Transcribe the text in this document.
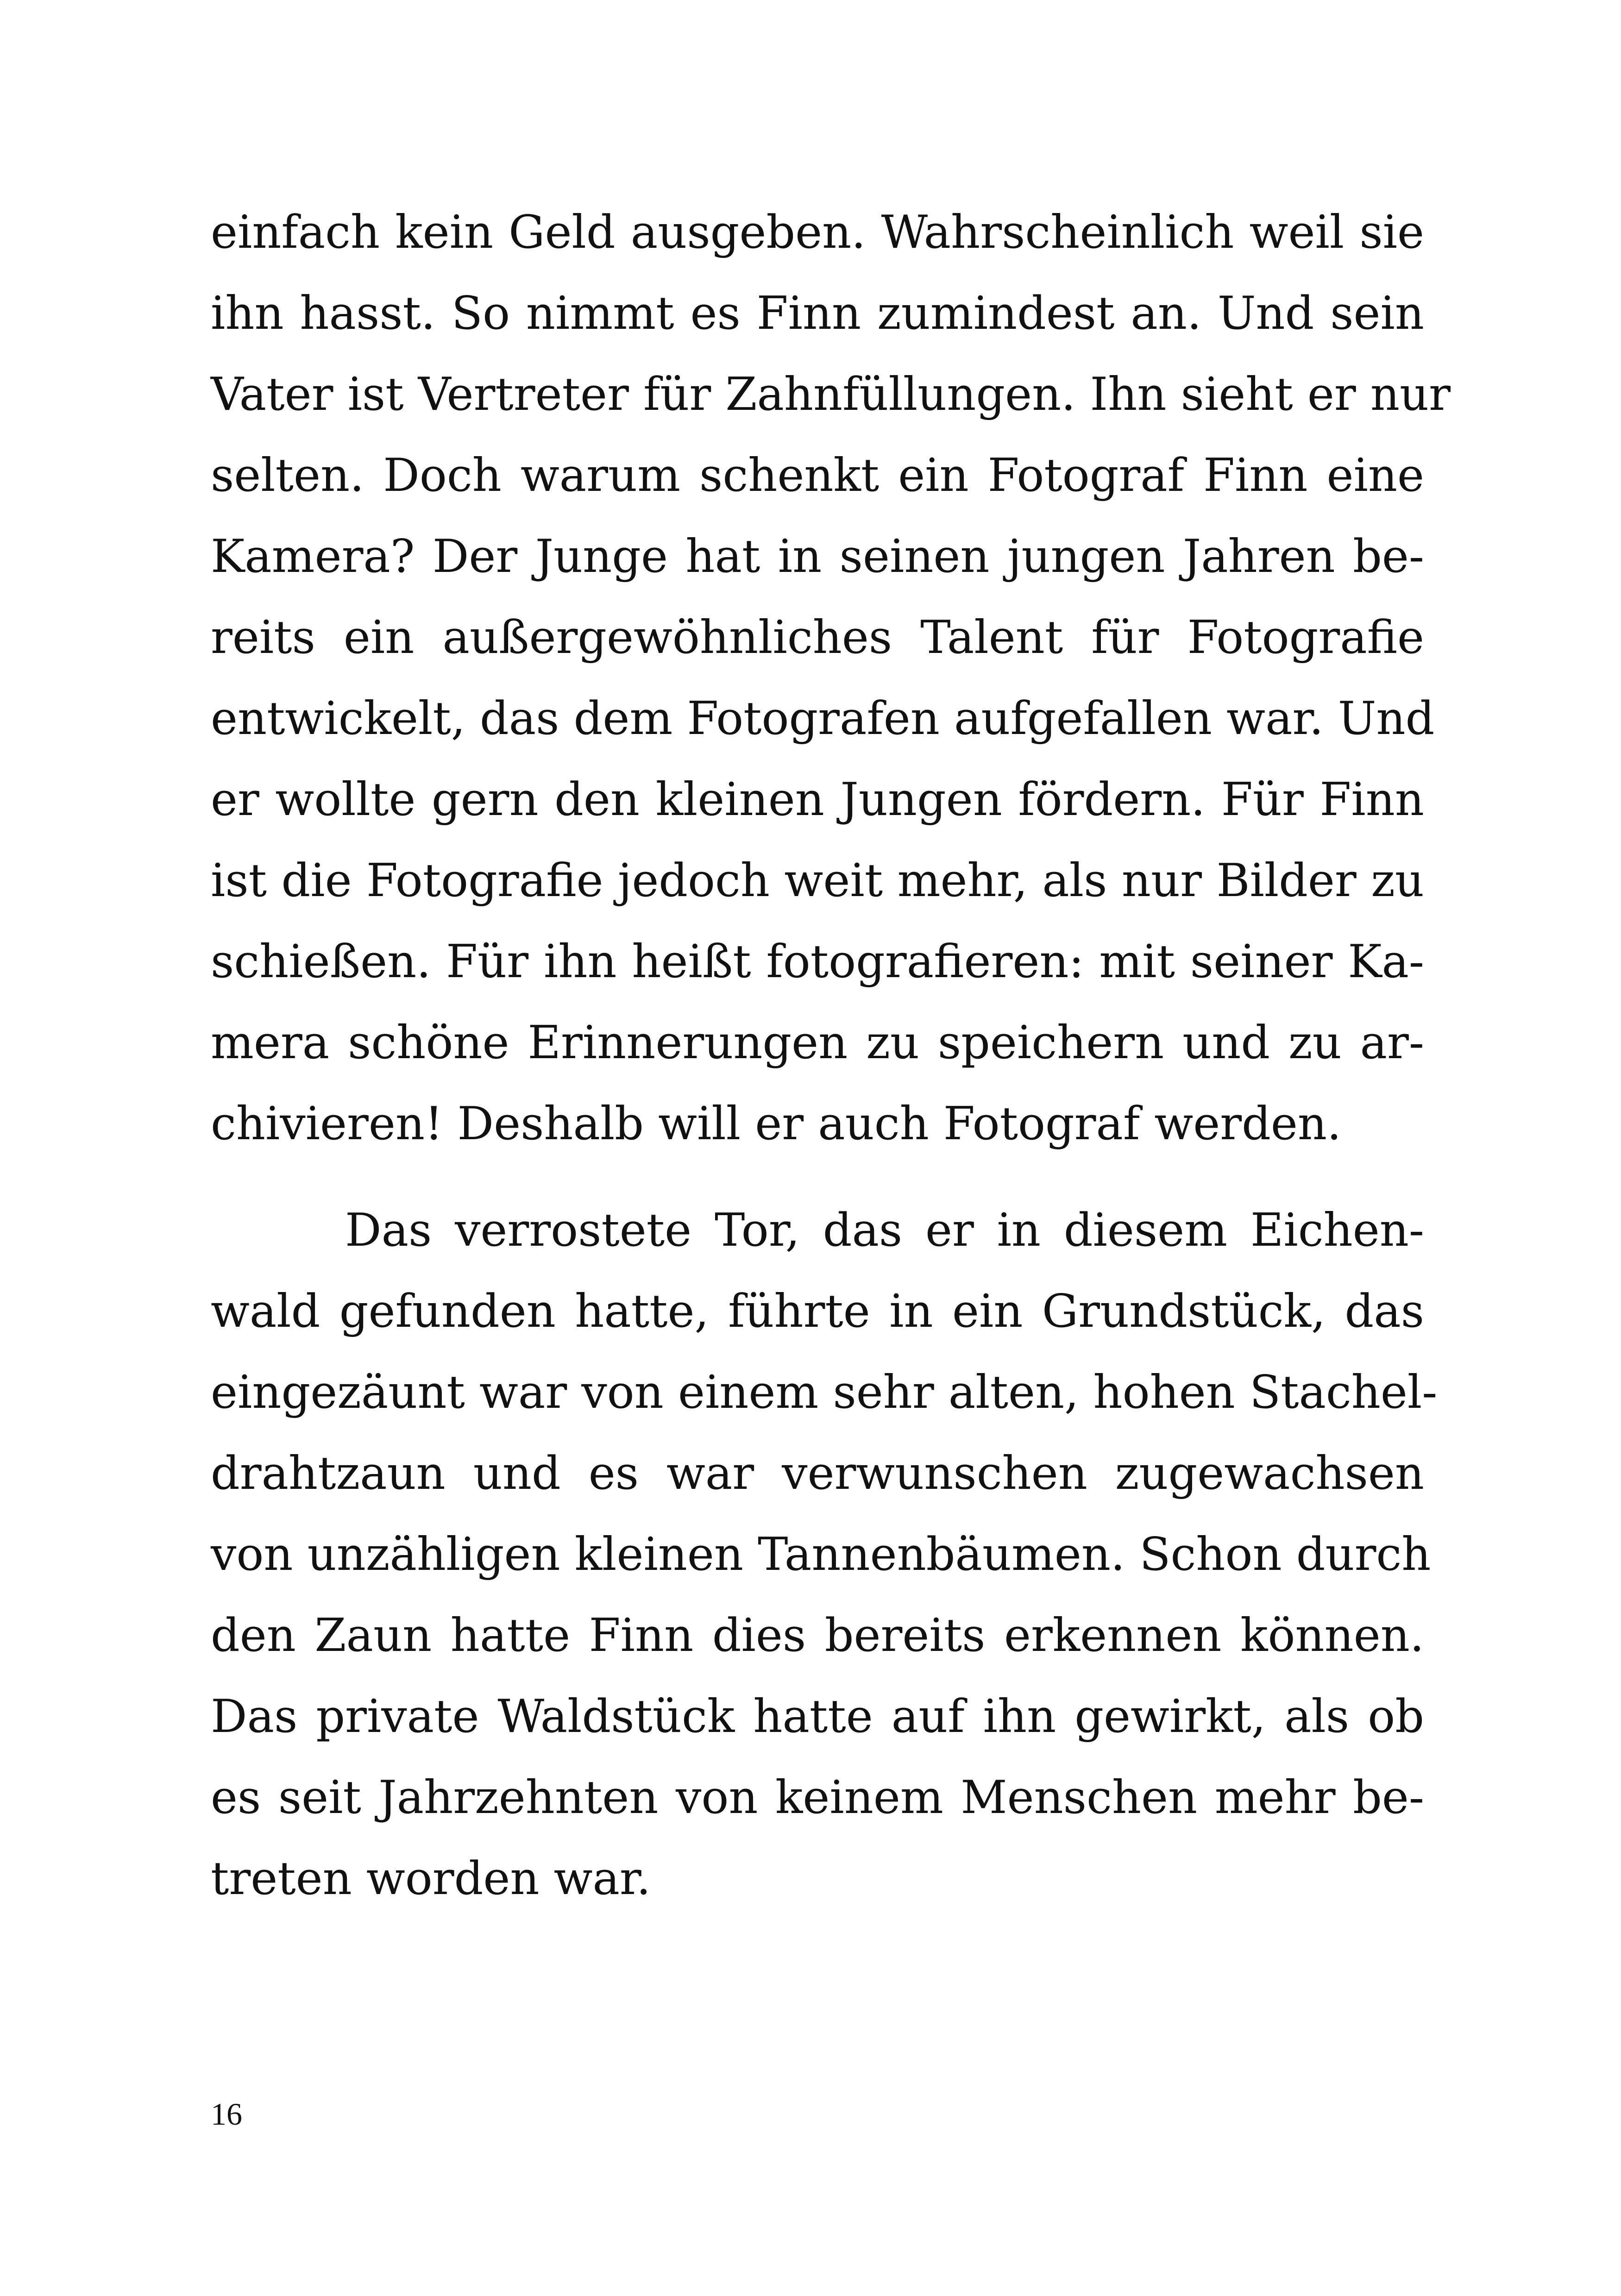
einfach kein Geld ausgeben. Wahrscheinlich weil sie
ihn hasst. So nimmt es Finn zumindest an. Und sein
Vater ist Vertreter für Zahnfüllungen. Ihn sieht er nur
selten. Doch warum schenkt ein Fotograf Finn eine
Kamera? Der Junge hat in seinen jungen Jahren be-
reits ein außergewöhnliches Talent für Fotografie
entwickelt, das dem Fotografen aufgefallen war. Und
er wollte gern den kleinen Jungen fördern. Für Finn
ist die Fotografie jedoch weit mehr, als nur Bilder zu
schießen. Für ihn heißt fotografieren: mit seiner Ka-
mera schöne Erinnerungen zu speichern und zu ar-
chivieren! Deshalb will er auch Fotograf werden.
Das verrostete Tor, das er in diesem Eichen-
wald gefunden hatte, führte in ein Grundstück, das
eingezäunt war von einem sehr alten, hohen Stachel-
drahtzaun und es war verwunschen zugewachsen
von unzähligen kleinen Tannenbäumen. Schon durch
den Zaun hatte Finn dies bereits erkennen können.
Das private Waldstück hatte auf ihn gewirkt, als ob
es seit Jahrzehnten von keinem Menschen mehr be-
treten worden war.
16
